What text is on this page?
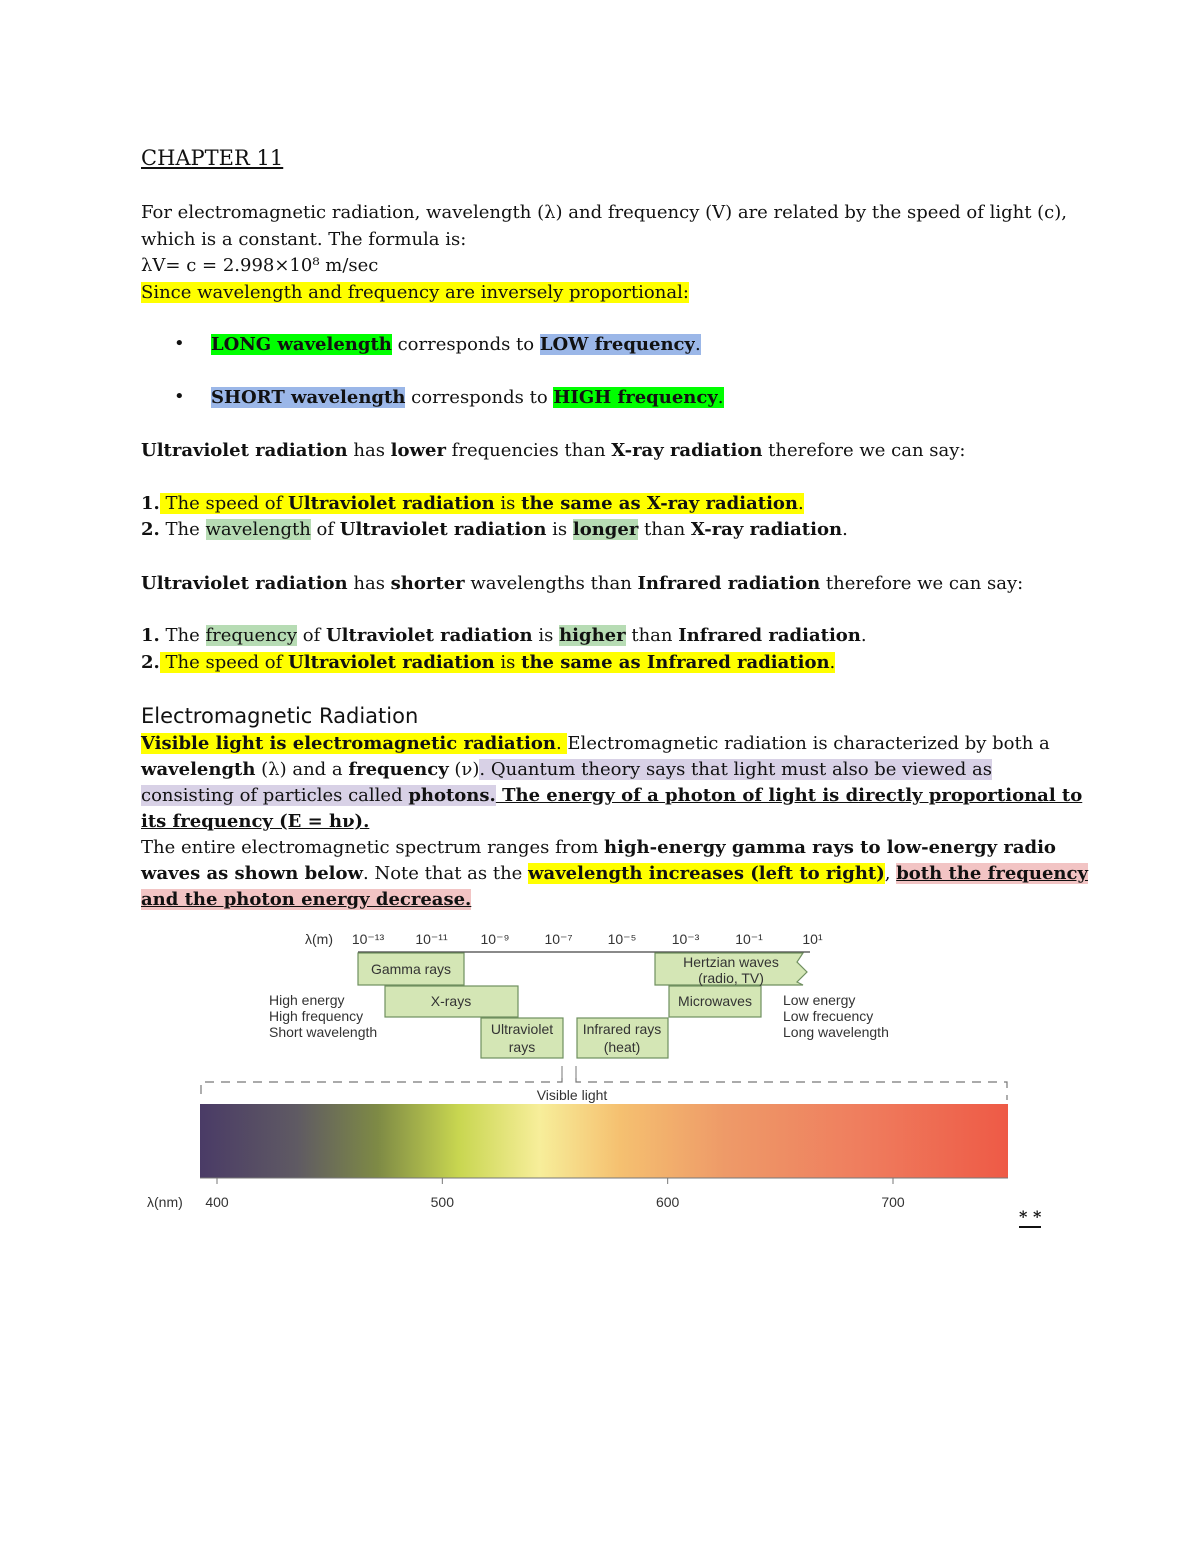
CHAPTER 11
For electromagnetic radiation, wavelength (λ) and frequency (V) are related by the speed of light (c),
which is a constant. The formula is:
λV= c = 2.998×10⁸ m/sec
Since wavelength and frequency are inversely proportional:
• LONG wavelength corresponds to LOW frequency.
• SHORT wavelength corresponds to HIGH frequency.
Ultraviolet radiation has lower frequencies than X-ray radiation therefore we can say:
1. The speed of Ultraviolet radiation is the same as X-ray radiation.
2. The wavelength of Ultraviolet radiation is longer than X-ray radiation.
Ultraviolet radiation has shorter wavelengths than Infrared radiation therefore we can say:
1. The frequency of Ultraviolet radiation is higher than Infrared radiation.
2. The speed of Ultraviolet radiation is the same as Infrared radiation.
Electromagnetic Radiation
Visible light is electromagnetic radiation. Electromagnetic radiation is characterized by both a
wavelength (λ) and a frequency (ν). Quantum theory says that light must also be viewed as
consisting of particles called photons. The energy of a photon of light is directly proportional to
its frequency (E = hν).
The entire electromagnetic spectrum ranges from high-energy gamma rays to low-energy radio
waves as shown below. Note that as the wavelength increases (left to right), both the frequency
and the photon energy decrease.
λ(m) 10⁻¹³ 10⁻¹¹ 10⁻⁹	10⁻⁷	10⁻⁵	10⁻³	10⁻¹	10¹
Gamma rays
X-rays
Ultraviolet
rays
Infrared rays
(heat)
Microwaves
Hertzian waves
(radio, TV)
High energy
High frequency
Short wavelength
Low energy
Low frecuency
Long wavelength
Visible light
λ(nm) 400	500	600	700
* *
